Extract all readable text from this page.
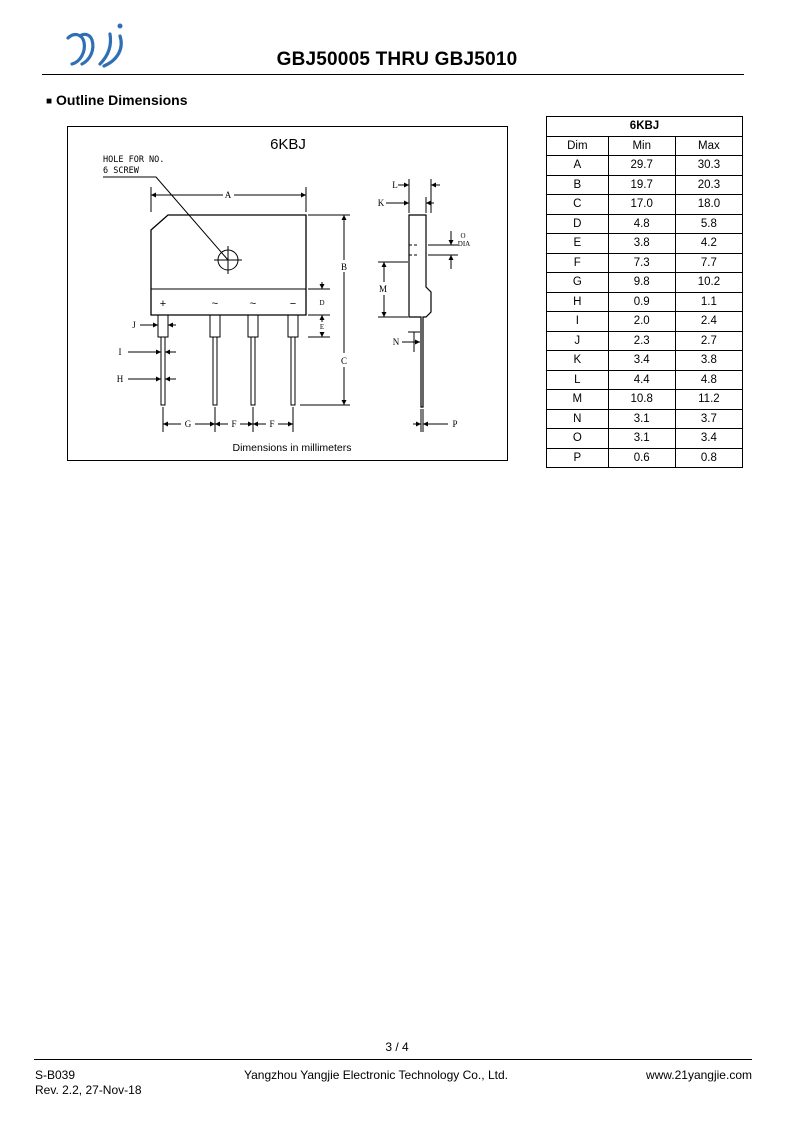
GBJ50005 THRU GBJ5010
■ Outline Dimensions
6KBJ
HOLE FOR NO.
6 SCREW
+	~	~	−
A
B
C
D
E
F	F
G
H
I
J
K
L
M
N
O
DIA
P
Dimensions in millimeters
6KBJ		
Dim	Min	Max
A	29.7	30.3
B	19.7	20.3
C	17.0	18.0
D	4.8	5.8
E	3.8	4.2
F	7.3	7.7
G	9.8	10.2
H	0.9	1.1
I	2.0	2.4
J	2.3	2.7
K	3.4	3.8
L	4.4	4.8
M	10.8	11.2
N	3.1	3.7
O	3.1	3.4
P	0.6	0.8
3 / 4
S-B039
Rev. 2.2, 27-Nov-18
Yangzhou Yangjie Electronic Technology Co., Ltd.	www.21yangjie.com
